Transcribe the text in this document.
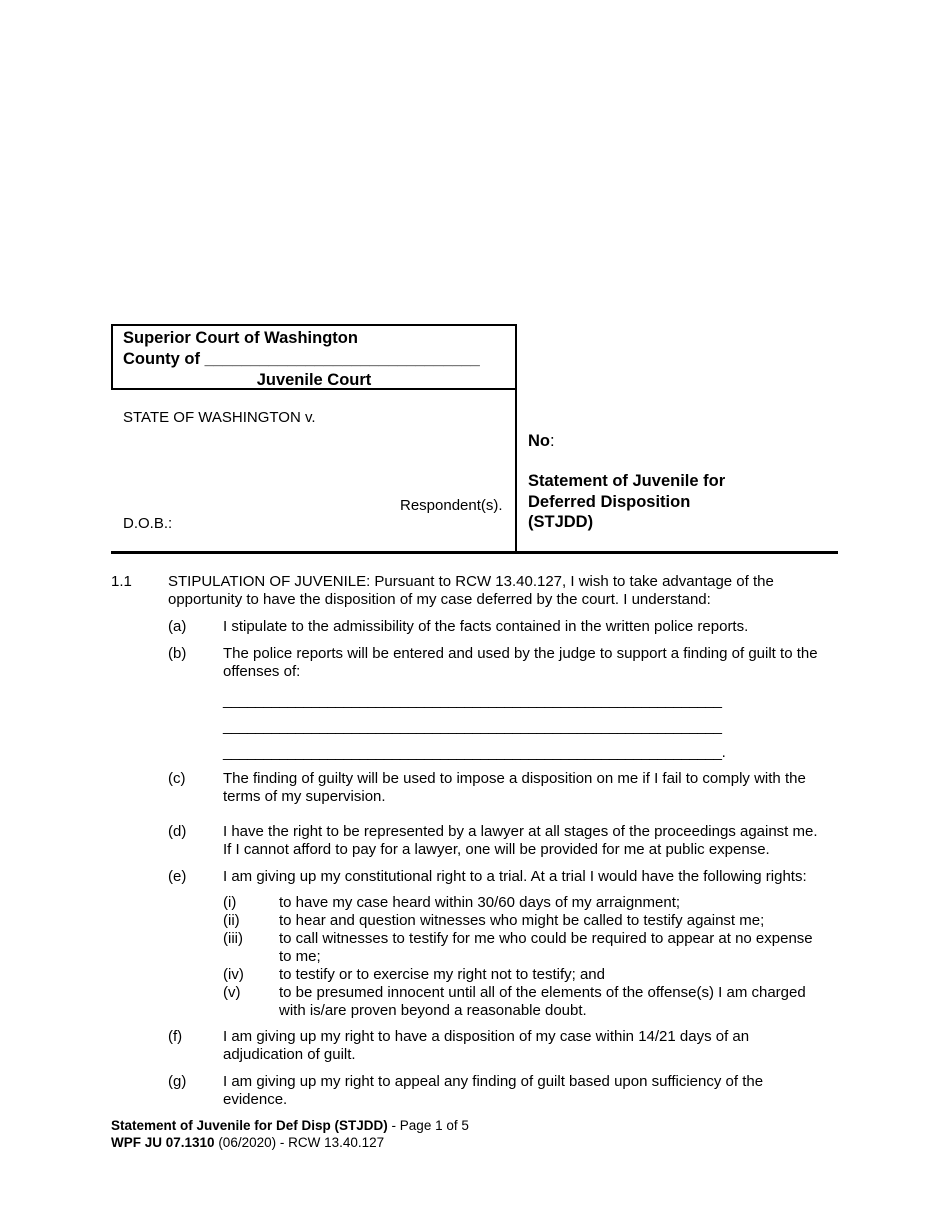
Superior Court of Washington
County of ______________________________
Juvenile Court
STATE OF WASHINGTON v.
Respondent(s).
D.O.B.:
No:
Statement of Juvenile for
Deferred Disposition
(STJDD)
1.1 STIPULATION OF JUVENILE: Pursuant to RCW 13.40.127, I wish to take advantage of the
opportunity to have the disposition of my case deferred by the court. I understand:
(a) I stipulate to the admissibility of the facts contained in the written police reports.
(b) The police reports will be entered and used by the judge to support a finding of guilt to the
offenses of:
______________________________________________________________
______________________________________________________________
______________________________________________________________.
(c)	The finding of guilty will be used to impose a disposition on me if I fail to comply with the
terms of my supervision.
(d) I have the right to be represented by a lawyer at all stages of the proceedings against me.
If I cannot afford to pay for a lawyer, one will be provided for me at public expense.
(e) I am giving up my constitutional right to a trial. At a trial I would have the following rights:
(i)	to have my case heard within 30/60 days of my arraignment;
(ii)	to hear and question witnesses who might be called to testify against me;
(iii) to call witnesses to testify for me who could be required to appear at no expense
to me;
(iv) to testify or to exercise my right not to testify; and
(v)	to be presumed innocent until all of the elements of the offense(s) I am charged
with is/are proven beyond a reasonable doubt.
(f)	I am giving up my right to have a disposition of my case within 14/21 days of an
adjudication of guilt.
(g) I am giving up my right to appeal any finding of guilt based upon sufficiency of the
evidence.
Statement of Juvenile for Def Disp (STJDD) - Page 1 of 5
WPF JU 07.1310 (06/2020) - RCW 13.40.127
